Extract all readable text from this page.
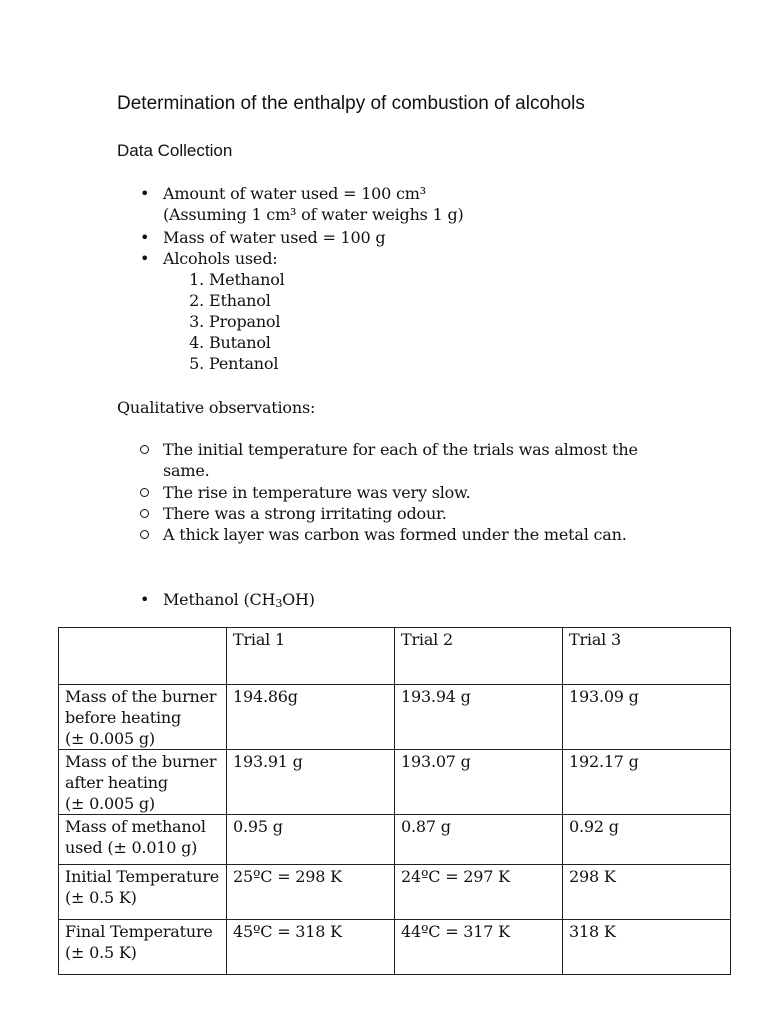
Determination of the enthalpy of combustion of alcohols
Data Collection
• Amount of water used = 100 cm³
(Assuming 1 cm³ of water weighs 1 g)
• Mass of water used = 100 g
• Alcohols used:
1. Methanol
2. Ethanol
3. Propanol
4. Butanol
5. Pentanol
Qualitative observations:
The initial temperature for each of the trials was almost the
same.
The rise in temperature was very slow.
There was a strong irritating odour.
A thick layer was carbon was formed under the metal can.
• Methanol $(CH_3OH)$
	Trial 1	Trial 2	Trial 3

Mass of the burner
before heating
(± 0.005 g)	194.86g	193.94 g	193.09 g

Mass of the burner
after heating
(± 0.005 g)	193.91 g	193.07 g	192.17 g

Mass of methanol
used (± 0.010 g)	0.95 g	0.87 g	0.92 g

Initial Temperature
(± 0.5 K)	25ºC = 298 K	24ºC = 297 K	298 K

Final Temperature
(± 0.5 K)	45ºC = 318 K	44ºC = 317 K	318 K
